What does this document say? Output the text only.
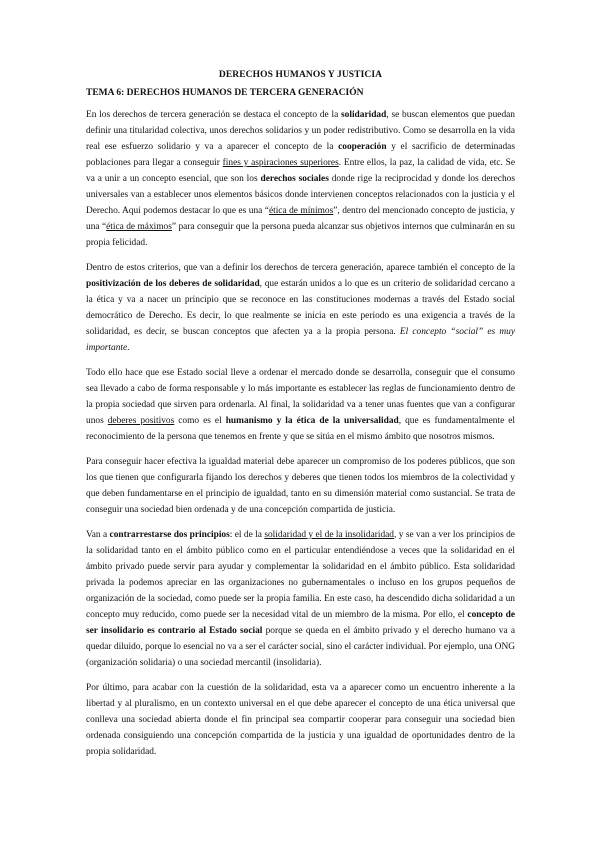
DERECHOS HUMANOS Y JUSTICIA
TEMA 6: DERECHOS HUMANOS DE TERCERA GENERACIÓN

En los derechos de tercera generación se destaca el concepto de la solidaridad, se buscan elementos que puedan definir una titularidad colectiva, unos derechos solidarios y un poder redistributivo. Como se desarrolla en la vida real ese esfuerzo solidario y va a aparecer el concepto de la cooperación y el sacrificio de determinadas poblaciones para llegar a conseguir fines y aspiraciones superiores. Entre ellos, la paz, la calidad de vida, etc. Se va a unir a un concepto esencial, que son los derechos sociales donde rige la reciprocidad y donde los derechos universales van a establecer unos elementos básicos donde intervienen conceptos relacionados con la justicia y el Derecho. Aquí podemos destacar lo que es una “ética de mínimos”, dentro del mencionado concepto de justicia, y una “ética de máximos” para conseguir que la persona pueda alcanzar sus objetivos internos que culminarán en su propia felicidad.

Dentro de estos criterios, que van a definir los derechos de tercera generación, aparece también el concepto de la positivización de los deberes de solidaridad, que estarán unidos a lo que es un criterio de solidaridad cercano a la ética y va a nacer un principio que se reconoce en las constituciones modernas a través del Estado social democrático de Derecho. Es decir, lo que realmente se inicia en este periodo es una exigencia a través de la solidaridad, es decir, se buscan conceptos que afecten ya a la propia persona. El concepto “social” es muy importante.

Todo ello hace que ese Estado social lleve a ordenar el mercado donde se desarrolla, conseguir que el consumo sea llevado a cabo de forma responsable y lo más importante es establecer las reglas de funcionamiento dentro de la propia sociedad que sirven para ordenarla. Al final, la solidaridad va a tener unas fuentes que van a configurar unos deberes positivos como es el humanismo y la ética de la universalidad, que es fundamentalmente el reconocimiento de la persona que tenemos en frente y que se sitúa en el mismo ámbito que nosotros mismos.

Para conseguir hacer efectiva la igualdad material debe aparecer un compromiso de los poderes públicos, que son los que tienen que configurarla fijando los derechos y deberes que tienen todos los miembros de la colectividad y que deben fundamentarse en el principio de igualdad, tanto en su dimensión material como sustancial. Se trata de conseguir una sociedad bien ordenada y de una concepción compartida de justicia.

Van a contrarrestarse dos principios: el de la solidaridad y el de la insolidaridad, y se van a ver los principios de la solidaridad tanto en el ámbito público como en el particular entendiéndose a veces que la solidaridad en el ámbito privado puede servir para ayudar y complementar la solidaridad en el ámbito público. Esta solidaridad privada la podemos apreciar en las organizaciones no gubernamentales o incluso en los grupos pequeños de organización de la sociedad, como puede ser la propia familia. En este caso, ha descendido dicha solidaridad a un concepto muy reducido, como puede ser la necesidad vital de un miembro de la misma. Por ello, el concepto de ser insolidario es contrario al Estado social porque se queda en el ámbito privado y el derecho humano va a quedar diluido, porque lo esencial no va a ser el carácter social, sino el carácter individual. Por ejemplo, una ONG (organización solidaria) o una sociedad mercantil (insolidaria).

Por último, para acabar con la cuestión de la solidaridad, esta va a aparecer como un encuentro inherente a la libertad y al pluralismo, en un contexto universal en el que debe aparecer el concepto de una ética universal que conlleva una sociedad abierta donde el fin principal sea compartir cooperar para conseguir una sociedad bien ordenada consiguiendo una concepción compartida de la justicia y una igualdad de oportunidades dentro de la propia solidaridad.
